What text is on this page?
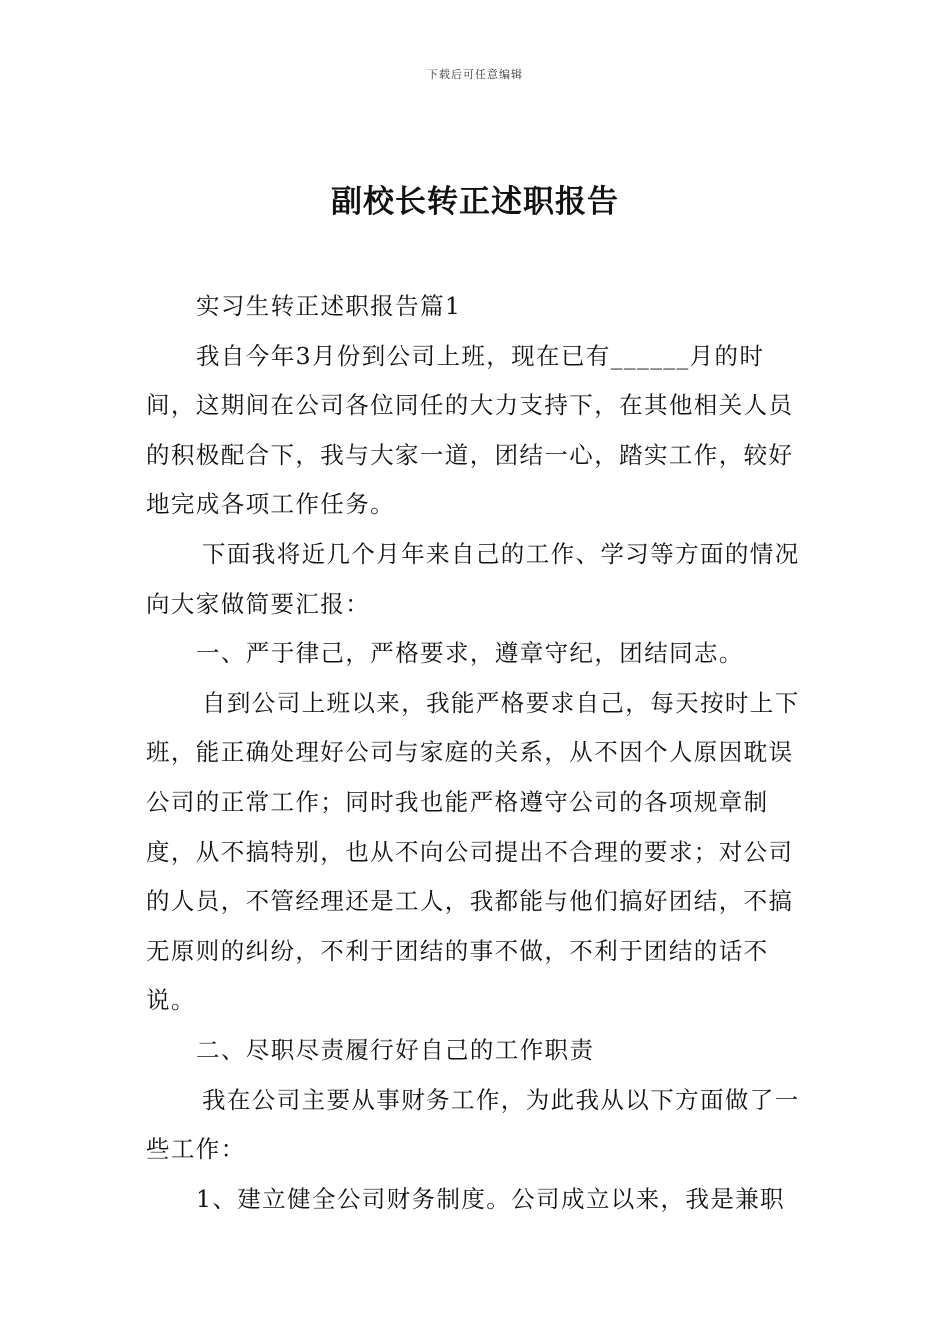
下载后可任意编辑
副校长转正述职报告

实习生转正述职报告篇1

我自今年3月份到公司上班，现在已有______月的时间，这期间在公司各位同任的大力支持下，在其他相关人员的积极配合下，我与大家一道，团结一心，踏实工作，较好地完成各项工作任务。

下面我将近几个月年来自己的工作、学习等方面的情况向大家做简要汇报：

一、严于律己，严格要求，遵章守纪，团结同志。

自到公司上班以来，我能严格要求自己，每天按时上下班，能正确处理好公司与家庭的关系，从不因个人原因耽误公司的正常工作；同时我也能严格遵守公司的各项规章制度，从不搞特别，也从不向公司提出不合理的要求；对公司的人员，不管经理还是工人，我都能与他们搞好团结，不搞无原则的纠纷，不利于团结的事不做，不利于团结的话不说。

二、尽职尽责履行好自己的工作职责

我在公司主要从事财务工作，为此我从以下方面做了一些工作：

1、建立健全公司财务制度。公司成立以来，我是兼职
